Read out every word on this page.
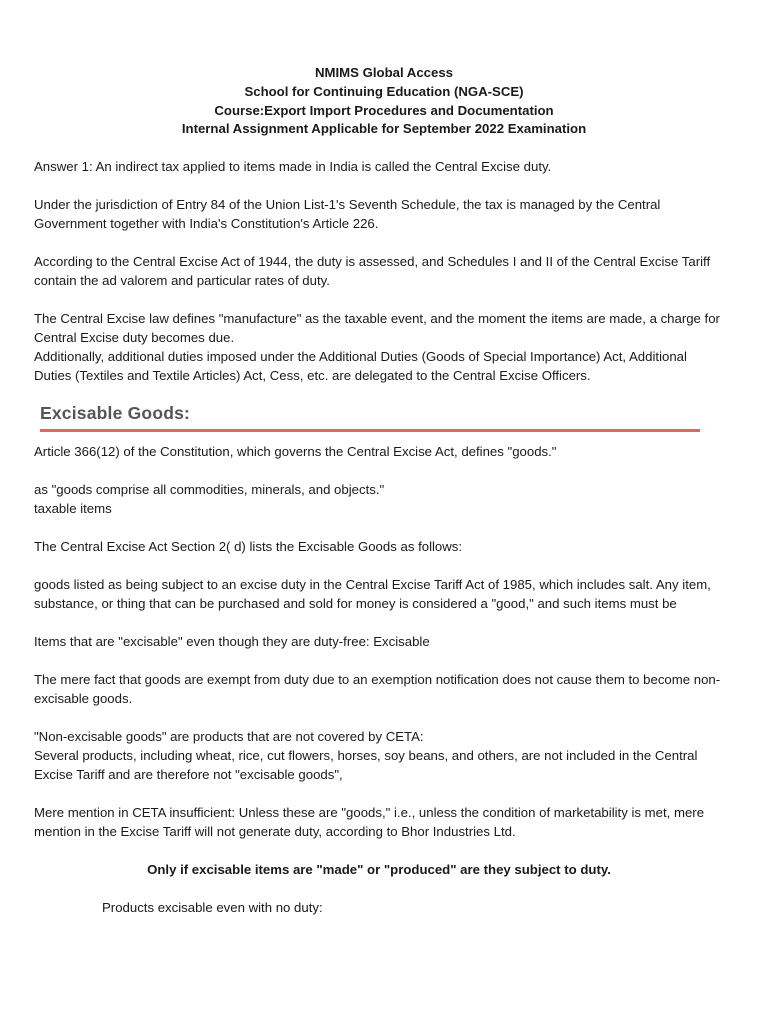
NMIMS Global Access
School for Continuing Education (NGA-SCE)
Course:Export Import Procedures and Documentation
Internal Assignment Applicable for September 2022 Examination

Answer 1: An indirect tax applied to items made in India is called the Central Excise duty.

Under the jurisdiction of Entry 84 of the Union List-1's Seventh Schedule, the tax is managed by the Central Government together with India's Constitution's Article 226.

According to the Central Excise Act of 1944, the duty is assessed, and Schedules I and II of the Central Excise Tariff contain the ad valorem and particular rates of duty.

The Central Excise law defines "manufacture" as the taxable event, and the moment the items are made, a charge for Central Excise duty becomes due.

Additionally, additional duties imposed under the Additional Duties (Goods of Special Importance) Act, Additional Duties (Textiles and Textile Articles) Act, Cess, etc. are delegated to the Central Excise Officers.

Excisable Goods:

Article 366(12) of the Constitution, which governs the Central Excise Act, defines "goods."

as "goods comprise all commodities, minerals, and objects."

taxable items

The Central Excise Act Section 2( d) lists the Excisable Goods as follows:

goods listed as being subject to an excise duty in the Central Excise Tariff Act of 1985, which includes salt. Any item, substance, or thing that can be purchased and sold for money is considered a "good," and such items must be

Items that are "excisable" even though they are duty-free: Excisable

The mere fact that goods are exempt from duty due to an exemption notification does not cause them to become non-excisable goods.

"Non-excisable goods" are products that are not covered by CETA:

Several products, including wheat, rice, cut flowers, horses, soy beans, and others, are not included in the Central Excise Tariff and are therefore not "excisable goods",

Mere mention in CETA insufficient: Unless these are "goods," i.e., unless the condition of marketability is met, mere mention in the Excise Tariff will not generate duty, according to Bhor Industries Ltd.

Only if excisable items are "made" or "produced" are they subject to duty.

Products excisable even with no duty:
